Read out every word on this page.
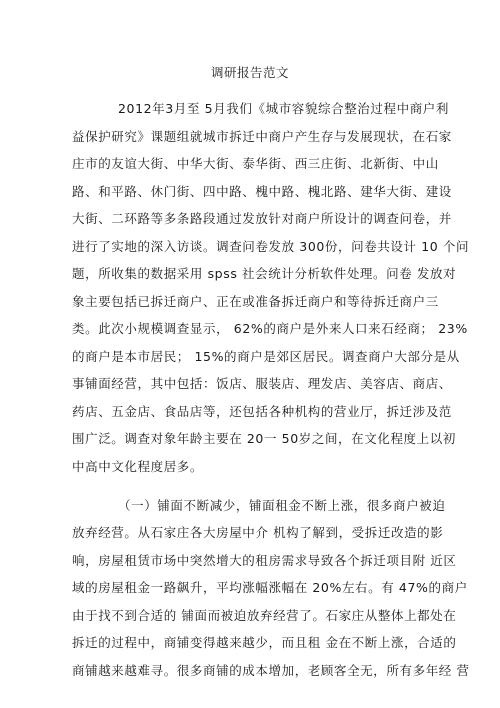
调研报告范文
2012年3月至 5月我们《城市容貌综合整治过程中商户利
益保护研究》课题组就城市拆迁中商户产生存与发展现状，在石家
庄市的友谊大街、中华大街、泰华街、西三庄街、北新街、中山
路、和平路、休门街、四中路、槐中路、槐北路、建华大街、建设
大街、二环路等多条路段通过发放针对商户所设计的调查问卷，并
进行了实地的深入访谈。调查问卷发放 300份，问卷共设计 10 个问
题，所收集的数据采用 spss 社会统计分析软件处理。问卷 发放对
象主要包括已拆迁商户、正在或准备拆迁商户和等待拆迁商户三
类。此次小规模调查显示， 62%的商户是外来人口来石经商； 23%
的商户是本市居民； 15%的商户是郊区居民。调查商户大部分是从
事铺面经营，其中包括：饭店、服装店、理发店、美容店、商店、
药店、五金店、食品店等，还包括各种机构的营业厅，拆迁涉及范
围广泛。调查对象年龄主要在 20一 50岁之间，在文化程度上以初
中高中文化程度居多。
（一）铺面不断减少，铺面租金不断上涨，很多商户被迫
放弃经营。从石家庄各大房屋中介 机构了解到，受拆迁改造的影
响，房屋租赁市场中突然增大的租房需求导致各个拆迁项目附 近区
域的房屋租金一路飙升，平均涨幅涨幅在 20%左右。有 47%的商户
由于找不到合适的 铺面而被迫放弃经营了。石家庄从整体上都处在
拆迁的过程中，商铺变得越来越少，而且租 金在不断上涨，合适的
商铺越来越难寻。很多商铺的成本增加，老顾客全无，所有多年经 营
